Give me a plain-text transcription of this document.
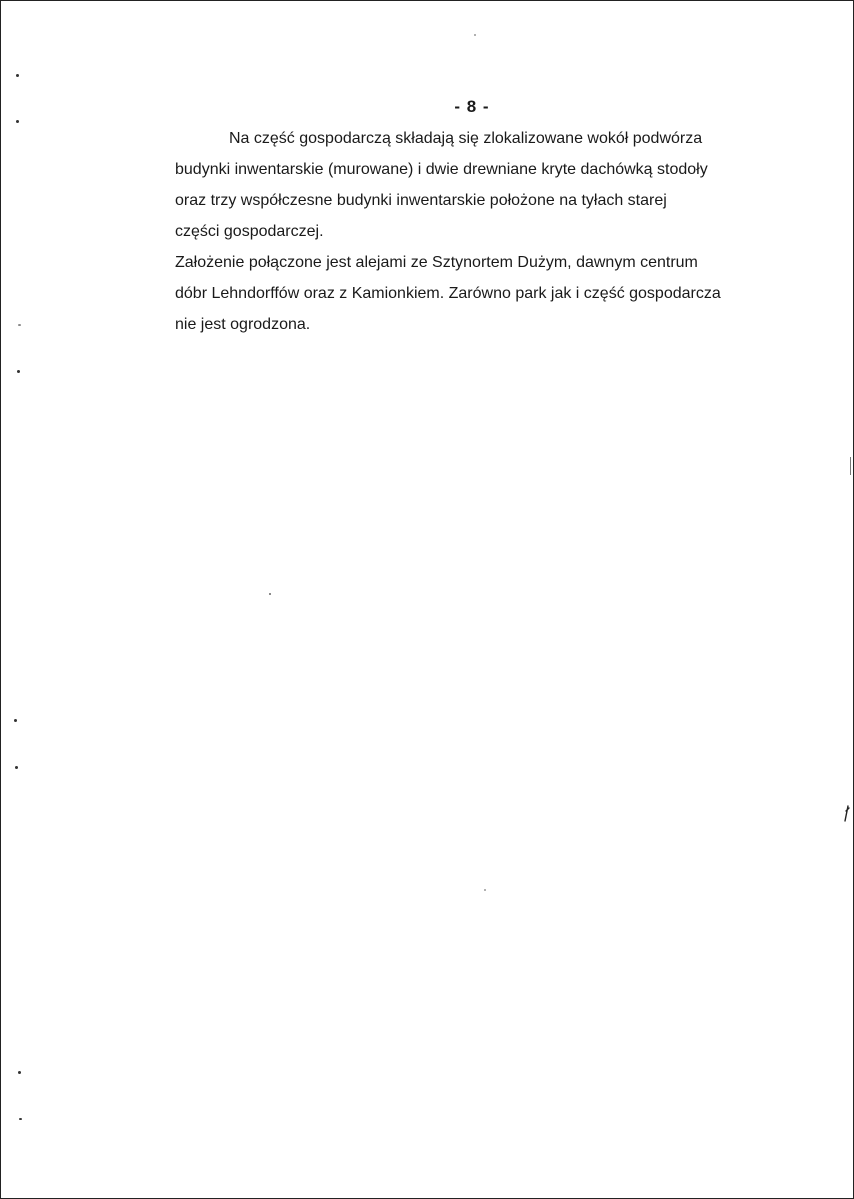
- 8 -
Na część gospodarczą składają się zlokalizowane wokół podwórza
budynki inwentarskie (murowane) i dwie drewniane kryte dachówką stodoły
oraz trzy współczesne budynki inwentarskie położone na tyłach starej
części gospodarczej.
Założenie połączone jest alejami ze Sztynortem Dużym, dawnym centrum
dóbr Lehndorffów oraz z Kamionkiem. Zarówno park jak i część gospodarcza
nie jest ogrodzona.
